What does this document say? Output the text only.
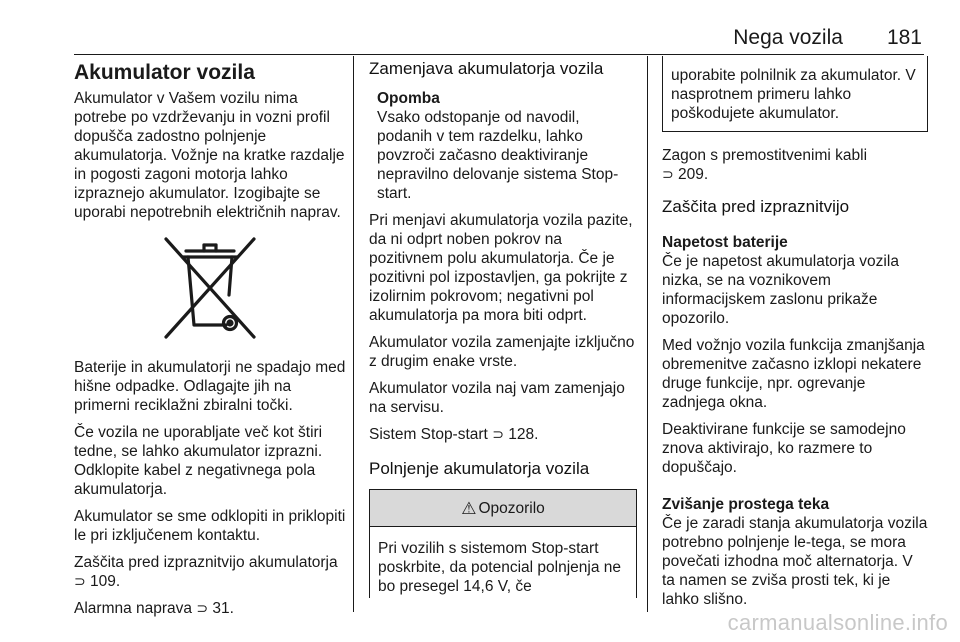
Nega vozila 181
Akumulator vozila

Akumulator v Vašem vozilu nima potrebe po vzdrževanju in vozni profil dopušča zadostno polnjenje akumulatorja. Vožnje na kratke razdalje in pogosti zagoni motorja lahko izpraznejo akumulator. Izogibajte se uporabi nepotrebnih električnih naprav.

Baterije in akumulatorji ne spadajo med hišne odpadke. Odlagajte jih na primerni reciklažni zbiralni točki.

Če vozila ne uporabljate več kot štiri tedne, se lahko akumulator izprazni. Odklopite kabel z negativnega pola akumulatorja.

Akumulator se sme odklopiti in priklopiti le pri izključenem kontaktu.

Zaščita pred izpraznitvijo akumulatorja ⊃ 109.

Alarmna naprava ⊃ 31.

Zamenjava akumulatorja vozila
Opomba
Vsako odstopanje od navodil, podanih v tem razdelku, lahko povzroči začasno deaktiviranje nepravilno delovanje sistema Stop-start.

Pri menjavi akumulatorja vozila pazite, da ni odprt noben pokrov na pozitivnem polu akumulatorja. Če je pozitivni pol izpostavljen, ga pokrijte z izolirnim pokrovom; negativni pol akumulatorja pa mora biti odprt.

Akumulator vozila zamenjajte izključno z drugim enake vrste.

Akumulator vozila naj vam zamenjajo na servisu.

Sistem Stop-start ⊃ 128.

Polnjenje akumulatorja vozila
⚠ Opozorilo
Pri vozilih s sistemom Stop-start poskrbite, da potencial polnjenja ne bo presegel 14,6 V, če
uporabite polnilnik za akumulator. V nasprotnem primeru lahko poškodujete akumulator.

Zagon s premostitvenimi kabli
⊃ 209.

Zaščita pred izpraznitvijo
Napetost baterije

Če je napetost akumulatorja vozila nizka, se na voznikovem informacijskem zaslonu prikaže opozorilo.

Med vožnjo vozila funkcija zmanjšanja obremenitve začasno izklopi nekatere druge funkcije, npr. ogrevanje zadnjega okna.

Deaktivirane funkcije se samodejno znova aktivirajo, ko razmere to dopuščajo.

Zvišanje prostega teka

Če je zaradi stanja akumulatorja vozila potrebno polnjenje le-tega, se mora povečati izhodna moč alternatorja. V ta namen se zviša prosti tek, ki je lahko slišno.

carmanualsonline.info
